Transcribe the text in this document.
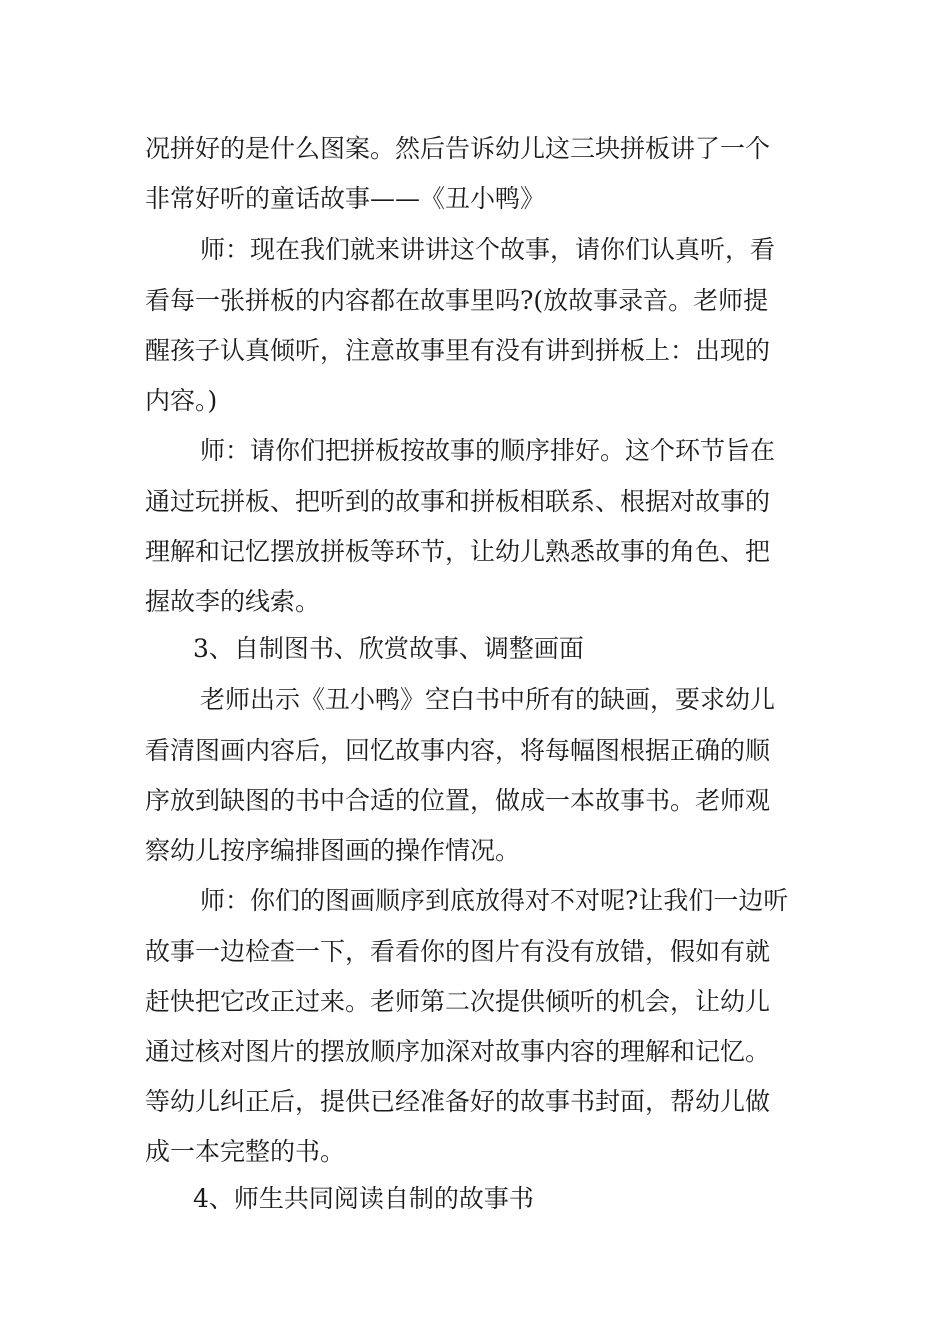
况拼好的是什么图案。然后告诉幼儿这三块拼板讲了一个
非常好听的童话故事——《丑小鸭》
师：现在我们就来讲讲这个故事，请你们认真听，看
看每一张拼板的内容都在故事里吗?(放故事录音。老师提
醒孩子认真倾听，注意故事里有没有讲到拼板上：出现的
内容。)
师：请你们把拼板按故事的顺序排好。这个环节旨在
通过玩拼板、把听到的故事和拼板相联系、根据对故事的
理解和记忆摆放拼板等环节，让幼儿熟悉故事的角色、把
握故李的线索。
3、自制图书、欣赏故事、调整画面
老师出示《丑小鸭》空白书中所有的缺画，要求幼儿
看清图画内容后，回忆故事内容，将每幅图根据正确的顺
序放到缺图的书中合适的位置，做成一本故事书。老师观
察幼儿按序编排图画的操作情况。
师：你们的图画顺序到底放得对不对呢?让我们一边听
故事一边检查一下，看看你的图片有没有放错，假如有就
赶快把它改正过来。老师第二次提供倾听的机会，让幼儿
通过核对图片的摆放顺序加深对故事内容的理解和记忆。
等幼儿纠正后，提供已经准备好的故事书封面，帮幼儿做
成一本完整的书。
4、师生共同阅读自制的故事书
